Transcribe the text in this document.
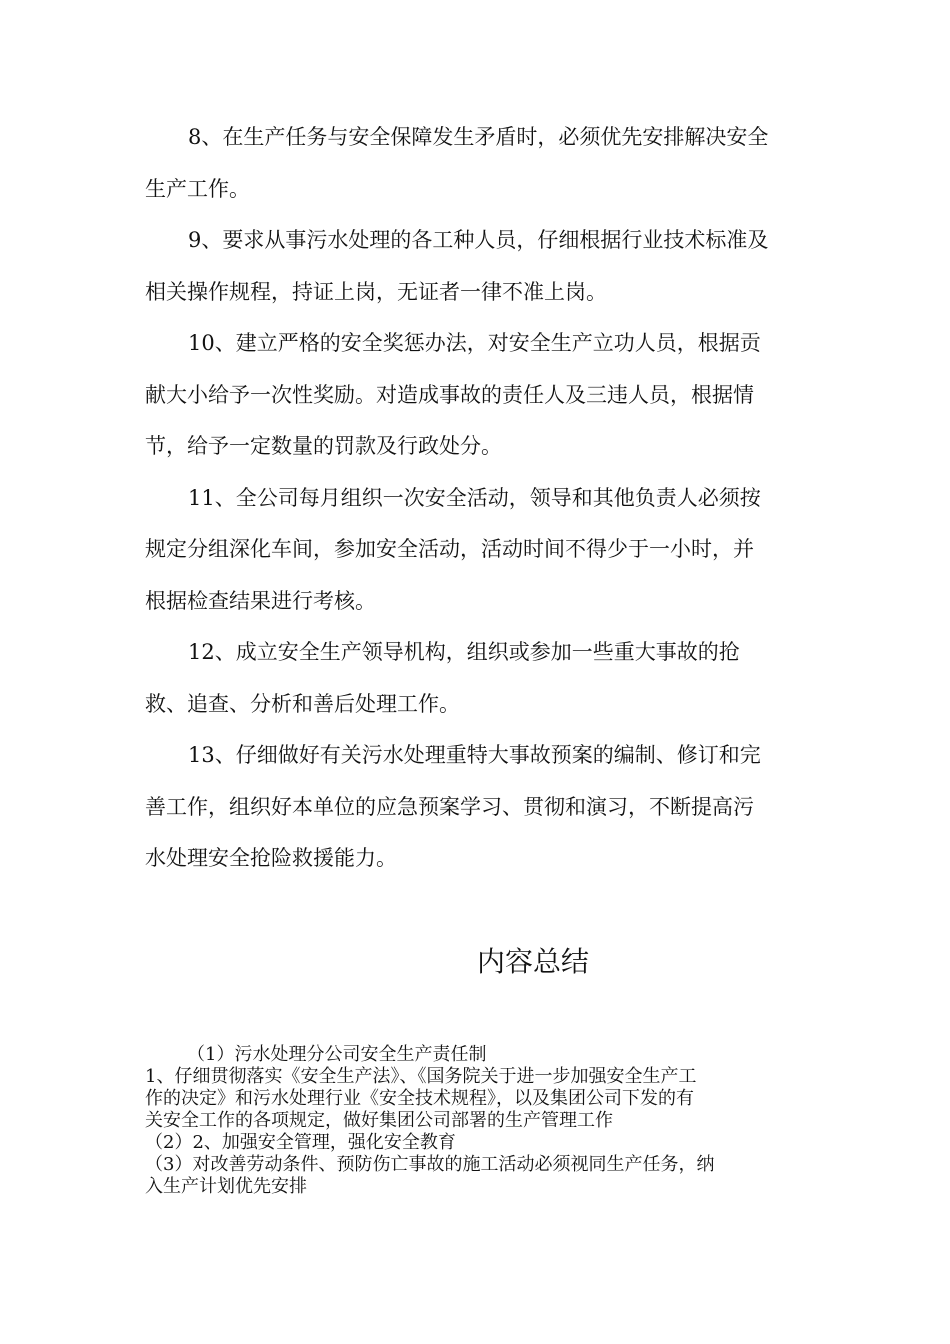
8、在生产任务与安全保障发生矛盾时，必须优先安排解决安全
生产工作。

9、要求从事污水处理的各工种人员，仔细根据行业技术标准及
相关操作规程，持证上岗，无证者一律不准上岗。

10、建立严格的安全奖惩办法，对安全生产立功人员，根据贡
献大小给予一次性奖励。对造成事故的责任人及三违人员，根据情
节，给予一定数量的罚款及行政处分。

11、全公司每月组织一次安全活动，领导和其他负责人必须按
规定分组深化车间，参加安全活动，活动时间不得少于一小时，并
根据检查结果进行考核。

12、成立安全生产领导机构，组织或参加一些重大事故的抢
救、追查、分析和善后处理工作。

13、仔细做好有关污水处理重特大事故预案的编制、修订和完
善工作，组织好本单位的应急预案学习、贯彻和演习，不断提高污
水处理安全抢险救援能力。

内容总结
（1）污水处理分公司安全生产责任制
1、仔细贯彻落实《安全生产法》、《国务院关于进一步加强安全生产工
作的决定》和污水处理行业《安全技术规程》，以及集团公司下发的有
关安全工作的各项规定，做好集团公司部署的生产管理工作
（2）2、加强安全管理，强化安全教育
（3）对改善劳动条件、预防伤亡事故的施工活动必须视同生产任务，纳
入生产计划优先安排
